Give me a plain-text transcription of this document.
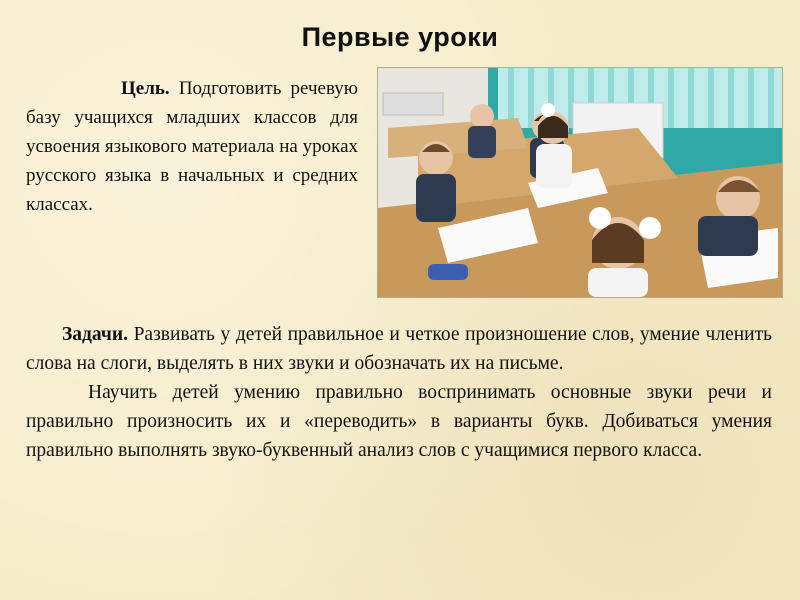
Первые уроки
Цель. Подготовить речевую базу учащихся младших классов для усвоения языкового материала на уроках русского языка в начальных и средних классах.

Задачи. Развивать у детей правильное и четкое произношение слов, умение членить слова на слоги, выделять в них звуки и обозначать их на письме.

Научить детей умению правильно воспринимать основные звуки речи и правильно произносить их и «переводить» в варианты букв. Добиваться умения правильно выполнять звуко-буквенный анализ слов с учащимися первого класса.
